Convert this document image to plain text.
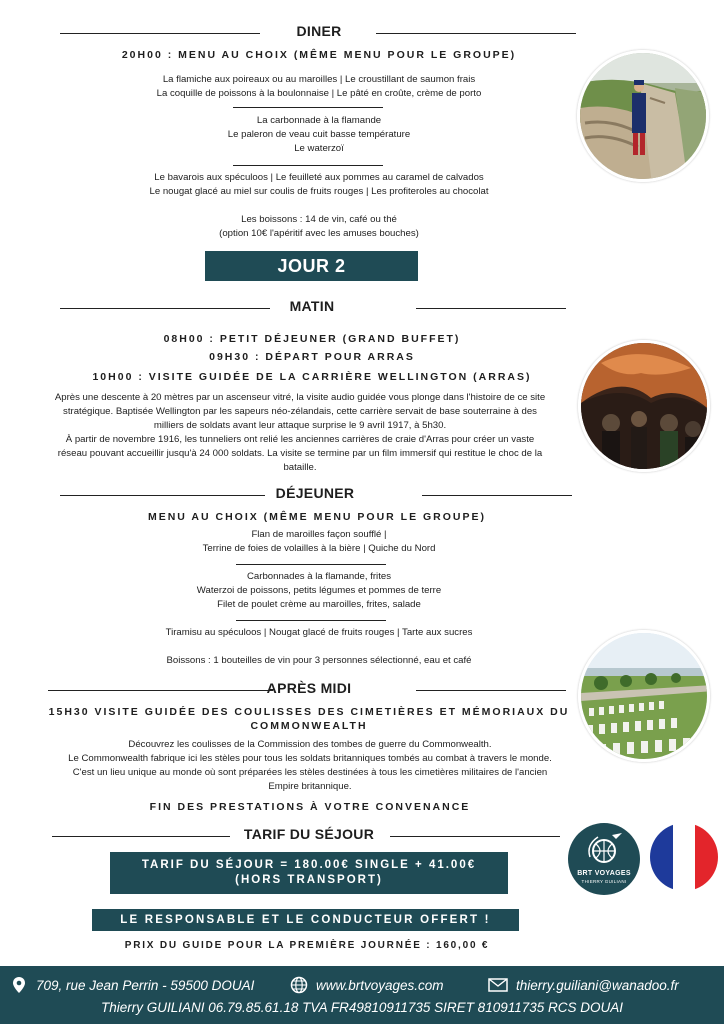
DINER
20H00 : MENU AU CHOIX (MÊME MENU POUR LE GROUPE)
La flamiche aux poireaux ou au maroilles | Le croustillant de saumon frais
La coquille de poissons à la boulonnaise | Le pâté en croûte, crème de porto
La carbonnade à la flamande
Le paleron de veau cuit basse température
Le waterzoï
Le bavarois aux spéculoos | Le feuilleté aux pommes au caramel de calvados
Le nougat glacé au miel sur coulis de fruits rouges | Les profiteroles au chocolat
Les boissons : 14 de vin, café ou thé
(option 10€ l'apéritif avec les amuses bouches)
JOUR 2
MATIN
08H00 : PETIT DÉJEUNER (GRAND BUFFET)
09H30 : DÉPART POUR ARRAS
10H00 : VISITE GUIDÉE DE LA CARRIÈRE WELLINGTON (ARRAS)
Après une descente à 20 mètres par un ascenseur vitré, la visite audio guidée vous plonge dans l'histoire de ce site
stratégique. Baptisée Wellington par les sapeurs néo-zélandais, cette carrière servait de base souterraine à des
milliers de soldats avant leur attaque surprise le 9 avril 1917, à 5h30.
À partir de novembre 1916, les tunneliers ont relié les anciennes carrières de craie d'Arras pour créer un vaste
réseau pouvant accueillir jusqu'à 24 000 soldats. La visite se termine par un film immersif qui restitue le choc de la
bataille.
DÉJEUNER
MENU AU CHOIX (MÊME MENU POUR LE GROUPE)
Flan de maroilles façon soufflé |
Terrine de foies de volailles à la bière | Quiche du Nord
Carbonnades à la flamande, frites
Waterzoi de poissons, petits légumes et pommes de terre
Filet de poulet crème au maroilles, frites, salade
Tiramisu au spéculoos | Nougat glacé de fruits rouges | Tarte aux sucres
Boissons : 1 bouteilles de vin pour 3 personnes sélectionné, eau et café
APRÈS MIDI
15H30 VISITE GUIDÉE DES COULISSES DES CIMETIÈRES ET MÉMORIAUX DU
COMMONWEALTH
Découvrez les coulisses de la Commission des tombes de guerre du Commonwealth.
Le Commonwealth fabrique ici les stèles pour tous les soldats britanniques tombés au combat à travers le monde.
C'est un lieu unique au monde où sont préparées les stèles destinées à tous les cimetières militaires de l'ancien
Empire britannique.
FIN DES PRESTATIONS À VOTRE CONVENANCE
TARIF DU SÉJOUR
TARIF DU SÉJOUR = 180.00€ SINGLE + 41.00€
(HORS TRANSPORT)
LE RESPONSABLE ET LE CONDUCTEUR OFFERT !
PRIX DU GUIDE POUR LA PREMIÈRE JOURNÉE : 160,00 €
BRT VOYAGES
THIERRY GUILIANI
709, rue Jean Perrin - 59500 DOUAI	www.brtvoyages.com	thierry.guiliani@wanadoo.fr
Thierry GUILIANI 06.79.85.61.18 TVA FR49810911735 SIRET 810911735 RCS DOUAI
